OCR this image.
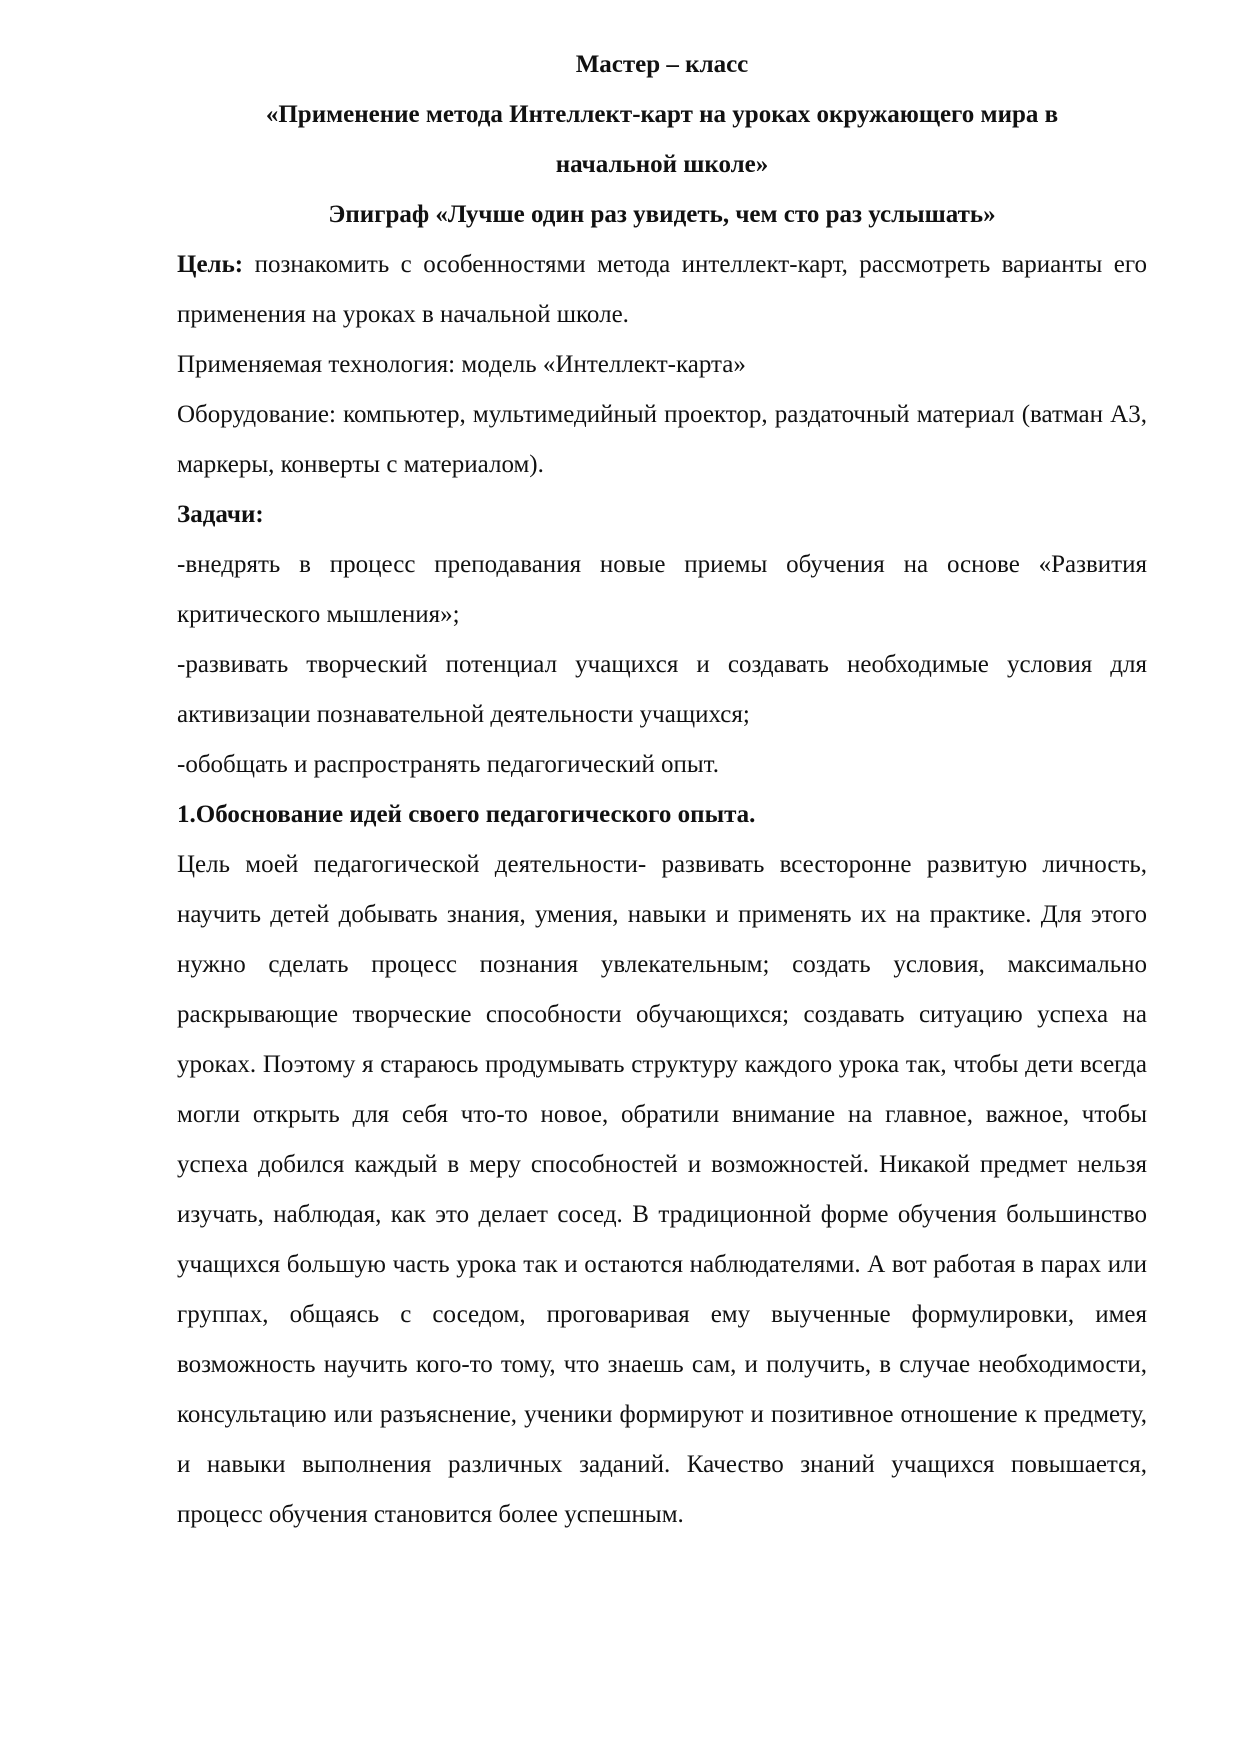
Мастер – класс

«Применение метода Интеллект-карт на уроках окружающего мира в

начальной школе»

Эпиграф «Лучше один раз увидеть, чем сто раз услышать»

Цель: познакомить с особенностями метода интеллект-карт, рассмотреть варианты его применения на уроках в начальной школе.

Применяемая технология: модель «Интеллект-карта»

Оборудование: компьютер, мультимедийный проектор, раздаточный материал (ватман А3, маркеры, конверты с материалом).

Задачи:

-внедрять в процесс преподавания новые приемы обучения на основе «Развития критического мышления»;

-развивать творческий потенциал учащихся и создавать необходимые условия для активизации познавательной деятельности учащихся;

-обобщать и распространять педагогический опыт.

1.Обоснование идей своего педагогического опыта.

Цель моей педагогической деятельности- развивать всесторонне развитую личность, научить детей добывать знания, умения, навыки и применять их на практике. Для этого нужно сделать процесс познания увлекательным; создать условия, максимально раскрывающие творческие способности обучающихся; создавать ситуацию успеха на уроках. Поэтому я стараюсь продумывать структуру каждого урока так, чтобы дети всегда могли открыть для себя что-то новое, обратили внимание на главное, важное, чтобы успеха добился каждый в меру способностей и возможностей. Никакой предмет нельзя изучать, наблюдая, как это делает сосед. В традиционной форме обучения большинство учащихся большую часть урока так и остаются наблюдателями. А вот работая в парах или группах, общаясь с соседом, проговаривая ему выученные формулировки, имея возможность научить кого-то тому, что знаешь сам, и получить, в случае необходимости, консультацию или разъяснение, ученики формируют и позитивное отношение к предмету, и навыки выполнения различных заданий. Качество знаний учащихся повышается, процесс обучения становится более успешным.
